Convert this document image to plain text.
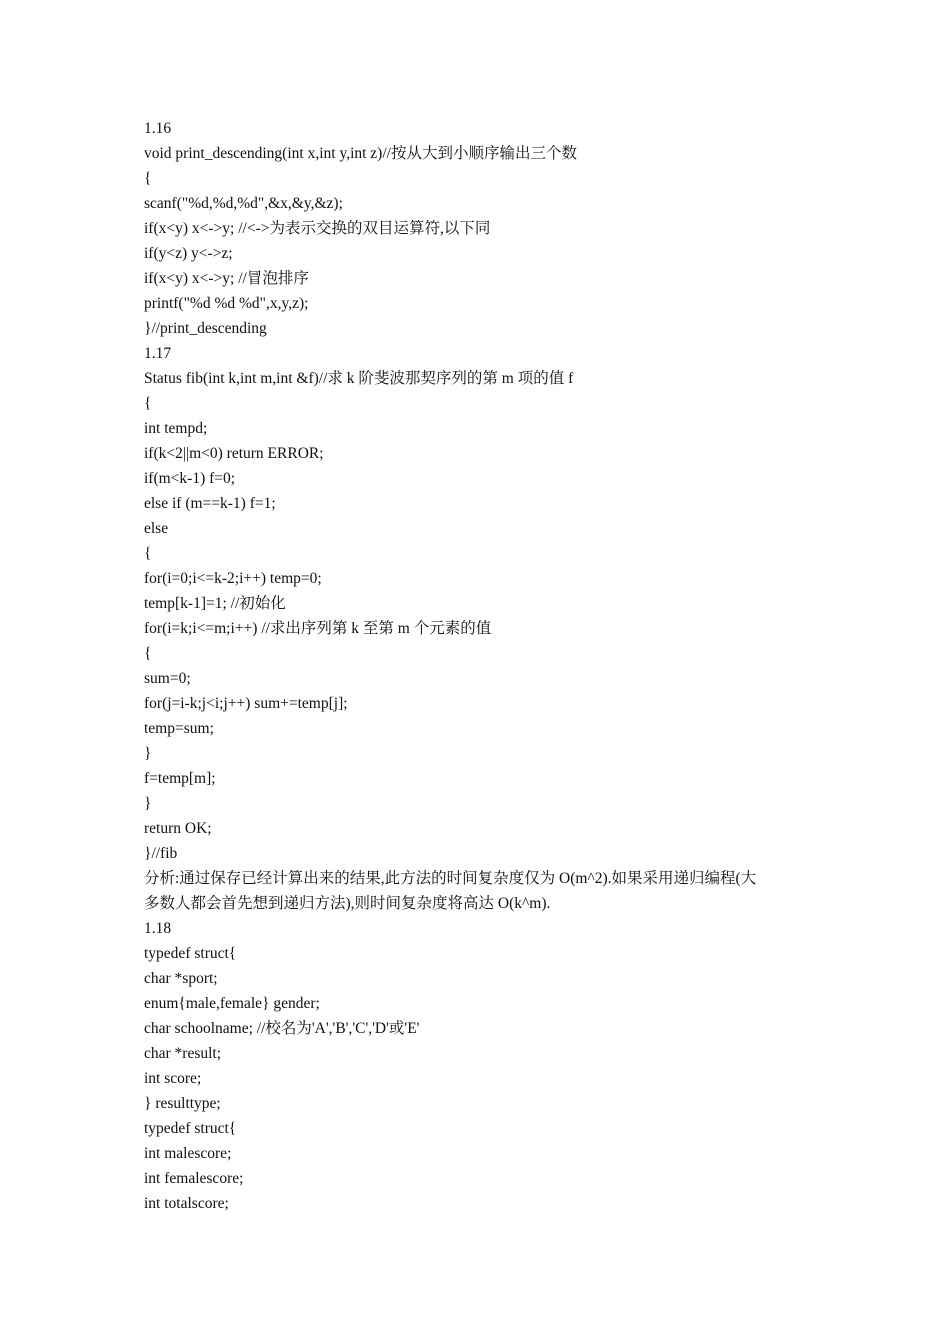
1.16
void print_descending(int x,int y,int z)//按从大到小顺序输出三个数
{
scanf("%d,%d,%d",&x,&y,&z);
if(x<y) x<->y; //<->为表示交换的双目运算符,以下同
if(y<z) y<->z;
if(x<y) x<->y; //冒泡排序
printf("%d %d %d",x,y,z);
}//print_descending
1.17
Status fib(int k,int m,int &f)//求 k 阶斐波那契序列的第 m 项的值 f
{
int tempd;
if(k<2||m<0) return ERROR;
if(m<k-1) f=0;
else if (m==k-1) f=1;
else
{
for(i=0;i<=k-2;i++) temp=0;
temp[k-1]=1; //初始化
for(i=k;i<=m;i++) //求出序列第 k 至第 m 个元素的值
{
sum=0;
for(j=i-k;j<i;j++) sum+=temp[j];
temp=sum;
}
f=temp[m];
}
return OK;
}//fib
分析:通过保存已经计算出来的结果,此方法的时间复杂度仅为 O(m^2).如果采用递归编程(大
多数人都会首先想到递归方法),则时间复杂度将高达 O(k^m).
1.18
typedef struct{
char *sport;
enum{male,female} gender;
char schoolname; //校名为'A','B','C','D'或'E'
char *result;
int score;
} resulttype;
typedef struct{
int malescore;
int femalescore;
int totalscore;
